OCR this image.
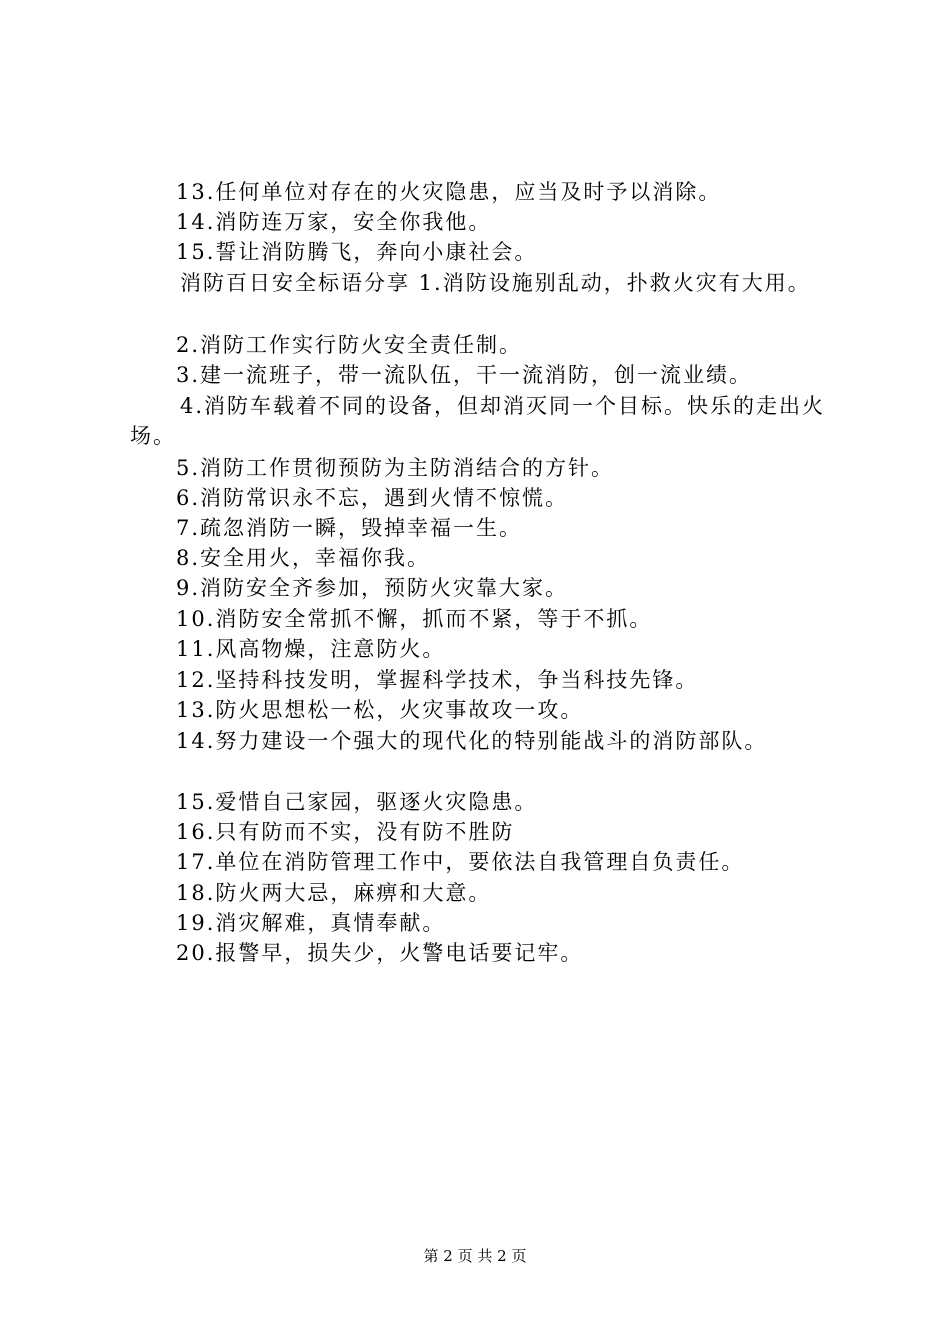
13.任何单位对存在的火灾隐患，应当及时予以消除。
14.消防连万家，安全你我他。
15.誓让消防腾飞，奔向小康社会。
消防百日安全标语分享 1.消防设施别乱动，扑救火灾有大用。
2.消防工作实行防火安全责任制。
3.建一流班子，带一流队伍，干一流消防，创一流业绩。
4.消防车载着不同的设备，但却消灭同一个目标。快乐的走出火场。
5.消防工作贯彻预防为主防消结合的方针。
6.消防常识永不忘，遇到火情不惊慌。
7.疏忽消防一瞬，毁掉幸福一生。
8.安全用火，幸福你我。
9.消防安全齐参加，预防火灾靠大家。
10.消防安全常抓不懈，抓而不紧，等于不抓。
11.风高物燥，注意防火。
12.坚持科技发明，掌握科学技术，争当科技先锋。
13.防火思想松一松，火灾事故攻一攻。
14.努力建设一个强大的现代化的特别能战斗的消防部队。
15.爱惜自己家园，驱逐火灾隐患。
16.只有防而不实，没有防不胜防
17.单位在消防管理工作中，要依法自我管理自负责任。
18.防火两大忌，麻痹和大意。
19.消灾解难，真情奉献。
20.报警早，损失少，火警电话要记牢。
第 2 页 共 2 页
